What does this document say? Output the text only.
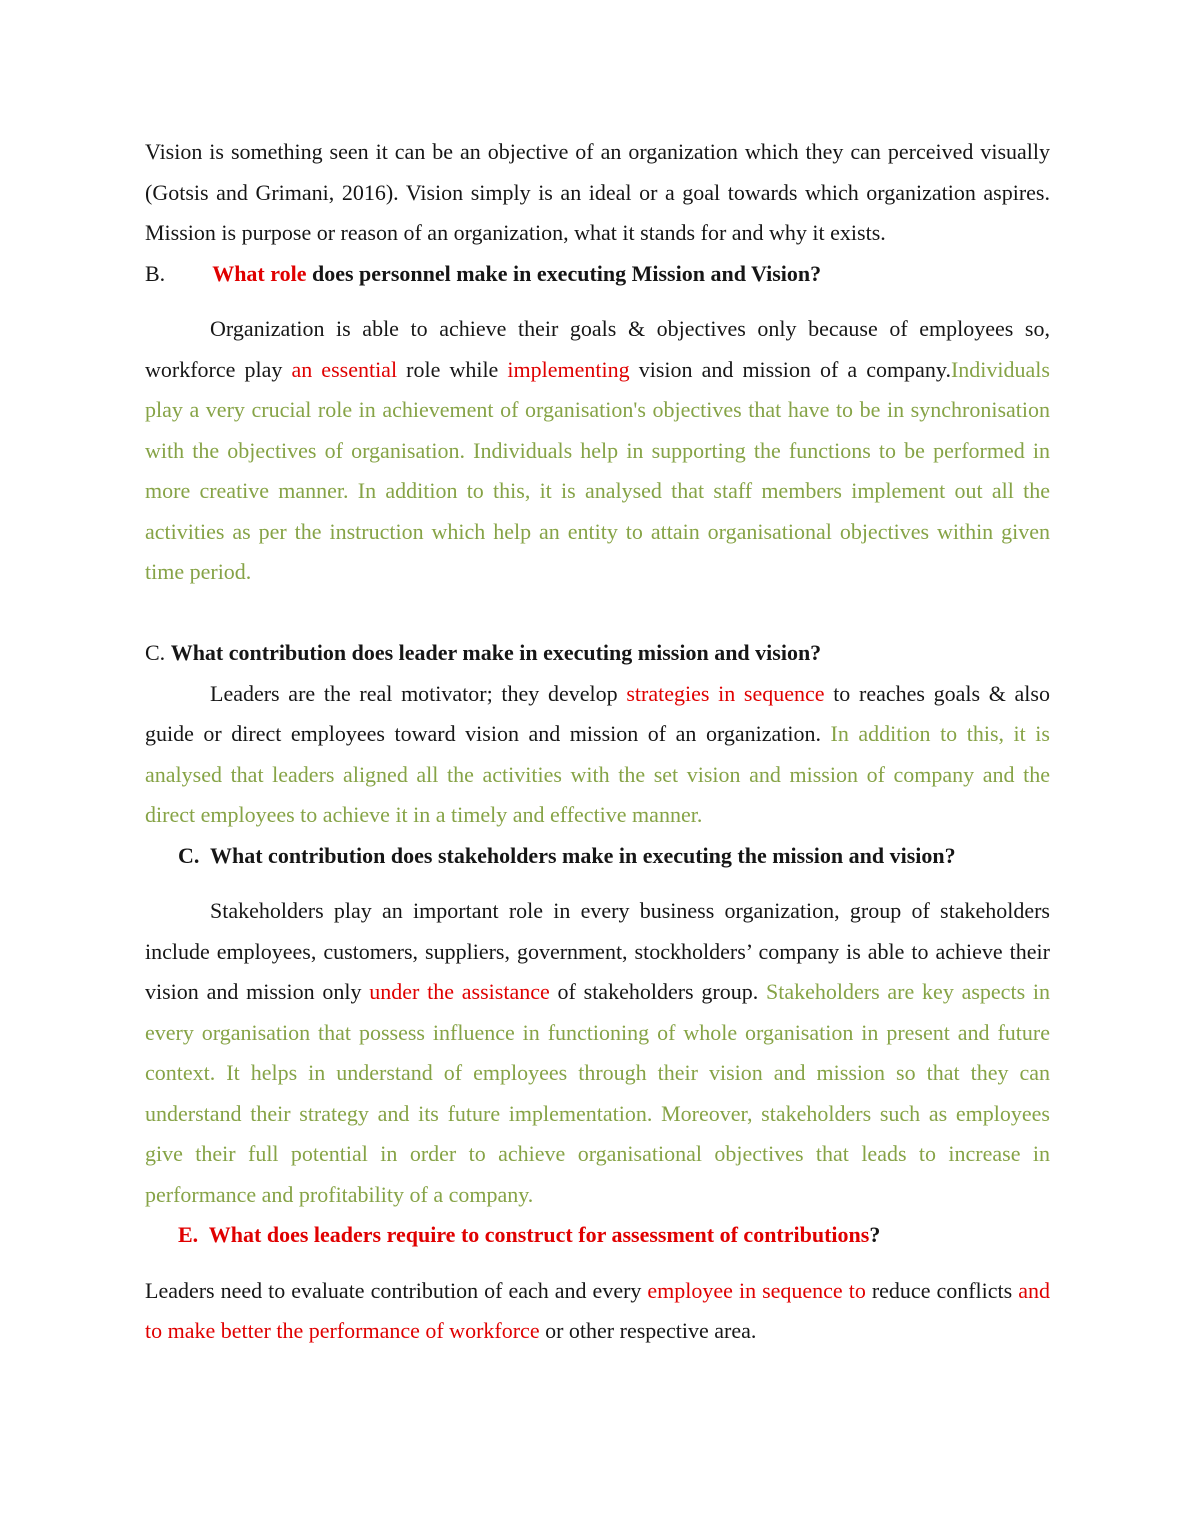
Vision is something seen it can be an objective of an organization which they can perceived visually (Gotsis and Grimani, 2016). Vision simply is an ideal or a goal towards which organization aspires. Mission is purpose or reason of an organization, what it stands for and why it exists.
B. What role does personnel make in executing Mission and Vision?
Organization is able to achieve their goals & objectives only because of employees so, workforce play an essential role while implementing vision and mission of a company.Individuals play a very crucial role in achievement of organisation's objectives that have to be in synchronisation with the objectives of organisation. Individuals help in supporting the functions to be performed in more creative manner. In addition to this, it is analysed that staff members implement out all the activities as per the instruction which help an entity to attain organisational objectives within given time period.
C. What contribution does leader make in executing mission and vision?
Leaders are the real motivator; they develop strategies in sequence to reaches goals & also guide or direct employees toward vision and mission of an organization. In addition to this, it is analysed that leaders aligned all the activities with the set vision and mission of company and the direct employees to achieve it in a timely and effective manner.
C.  What contribution does stakeholders make in executing the mission and vision?
Stakeholders play an important role in every business organization, group of stakeholders include employees, customers, suppliers, government, stockholders’ company is able to achieve their vision and mission only under the assistance of stakeholders group. Stakeholders are key aspects in every organisation that possess influence in functioning of whole organisation in present and future context. It helps in understand of employees through their vision and mission so that they can understand their strategy and its future implementation. Moreover, stakeholders such as employees give their full potential in order to achieve organisational objectives that leads to increase in performance and profitability of a company.
E.  What does leaders require to construct for assessment of contributions?
Leaders need to evaluate contribution of each and every employee in sequence to reduce conflicts and to make better the performance of workforce or other respective area.
